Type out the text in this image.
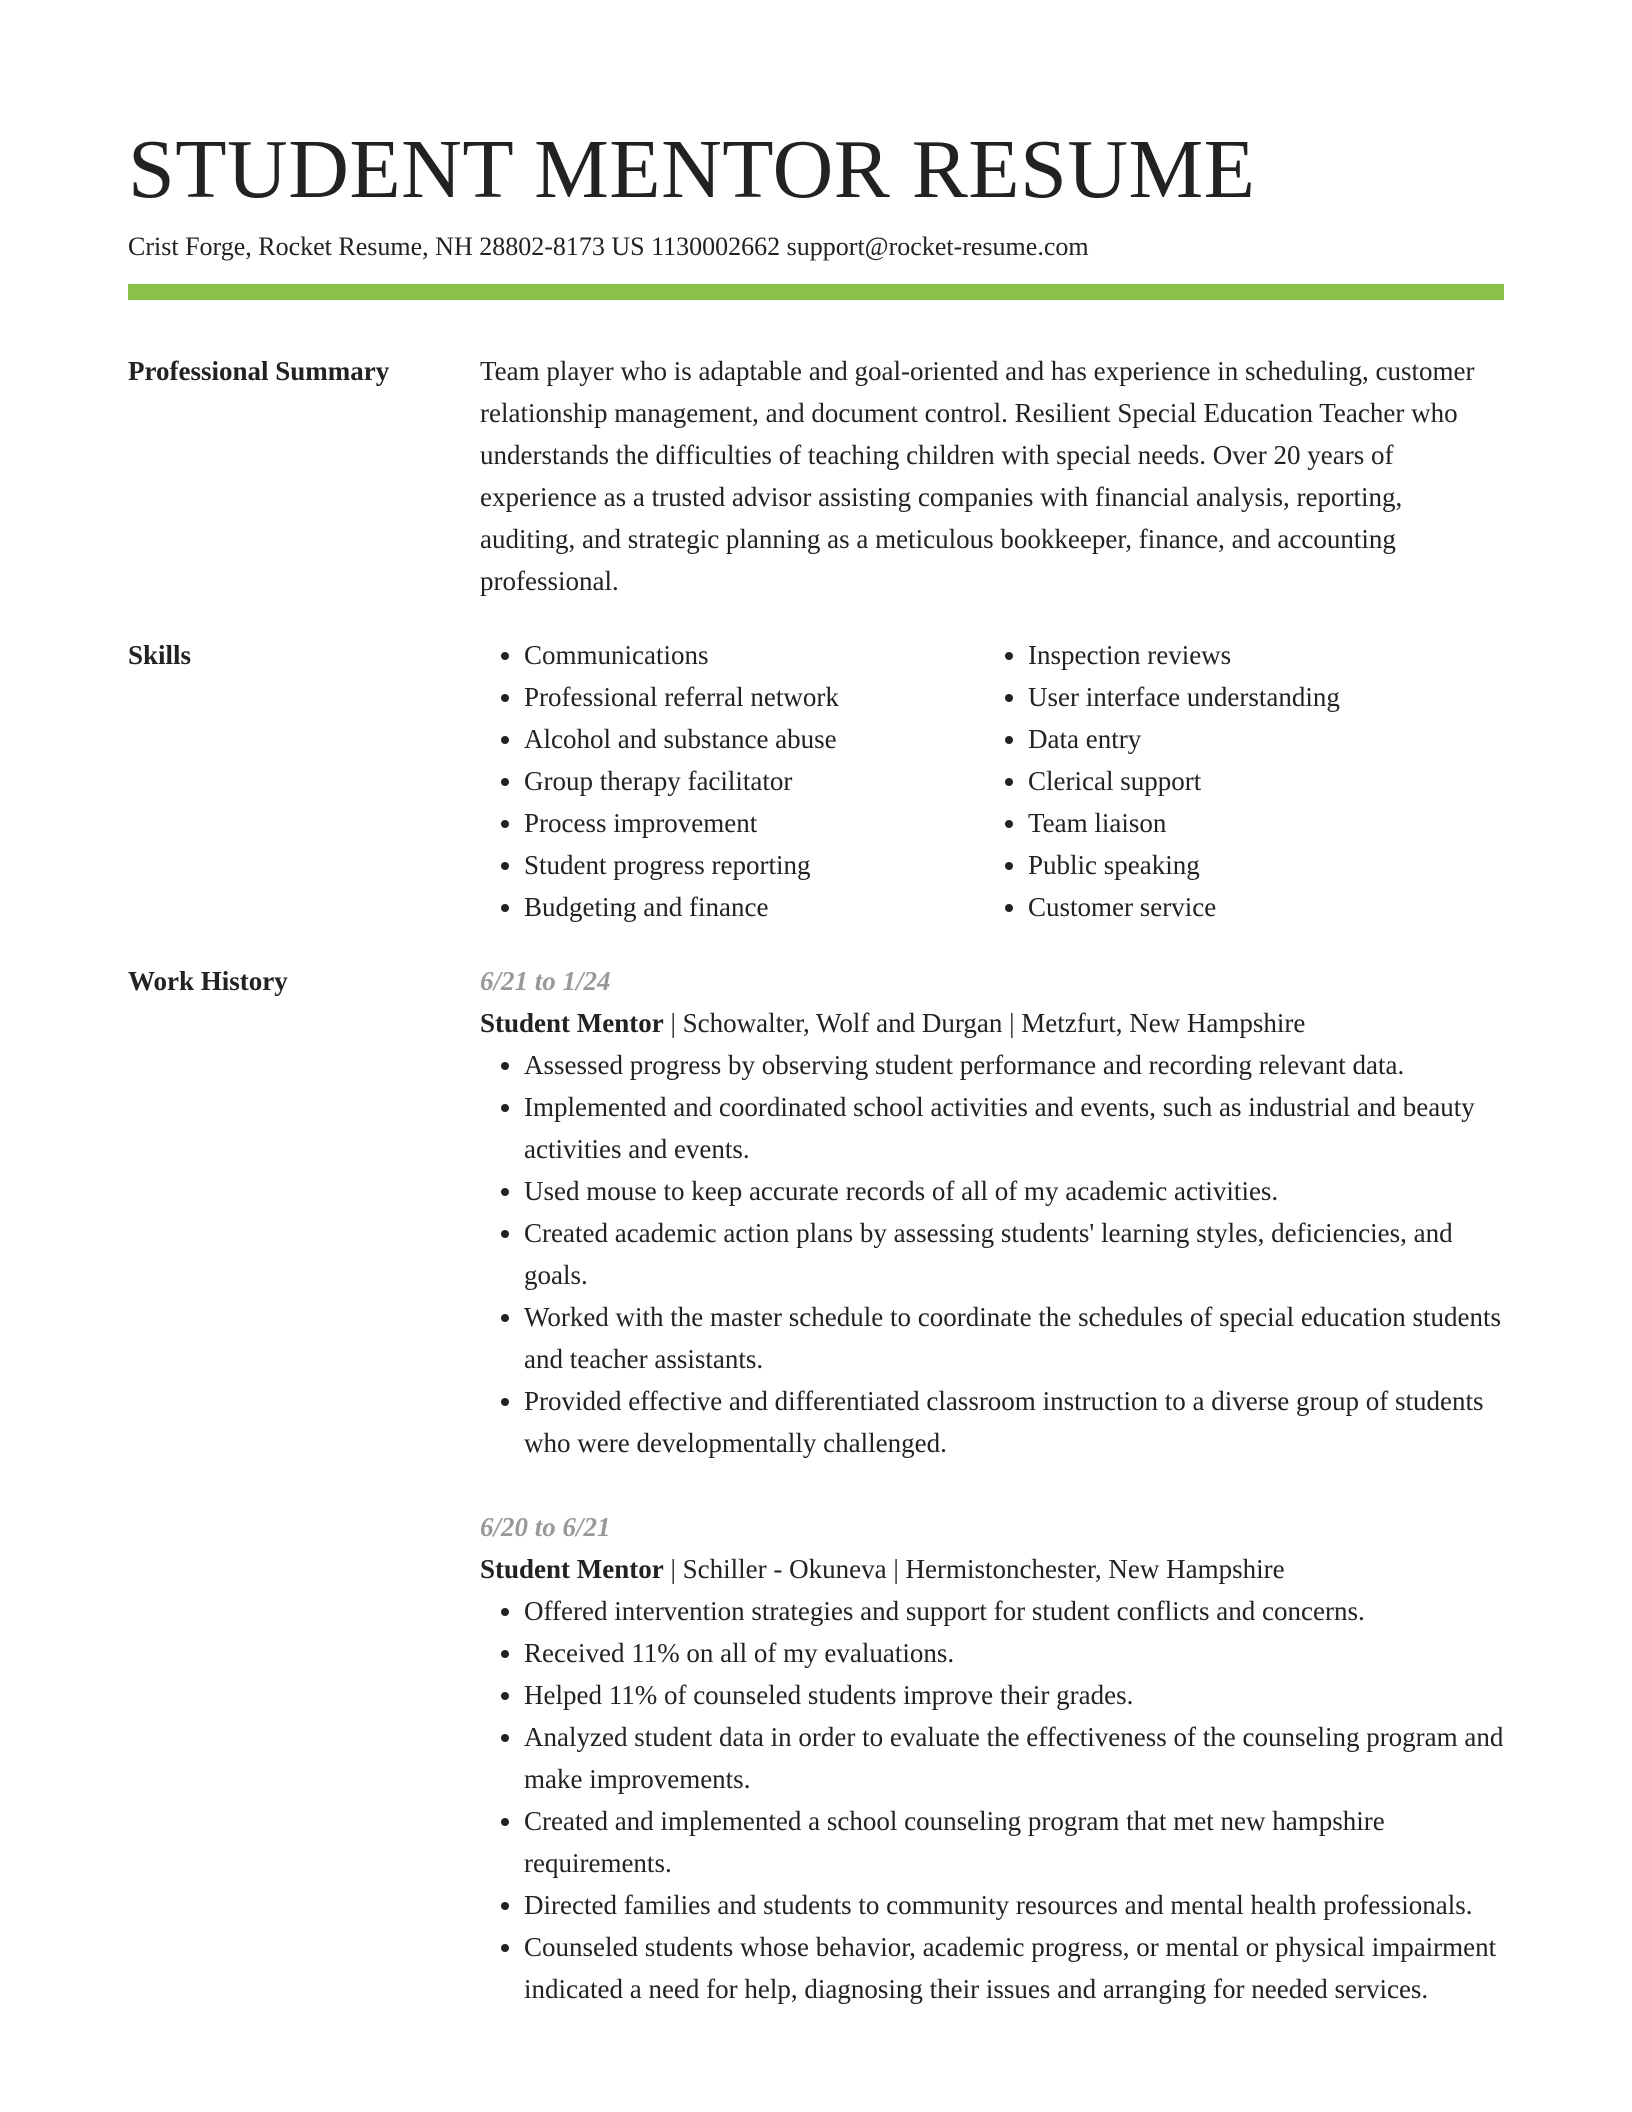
STUDENT MENTOR RESUME
Crist Forge, Rocket Resume, NH 28802-8173 US 1130002662 support@rocket-resume.com
Professional Summary	Team player who is adaptable and goal-oriented and has experience in scheduling, customer relationship management, and document control. Resilient Special Education Teacher who understands the difficulties of teaching children with special needs. Over 20 years of experience as a trusted advisor assisting companies with financial analysis, reporting, auditing, and strategic planning as a meticulous bookkeeper, finance, and accounting professional.
Skills
•	Communications
• Professional referral network
• Alcohol and substance abuse
• Group therapy facilitator
• Process improvement
• Student progress reporting
• Budgeting and finance
• Inspection reviews
• User interface understanding
• Data entry
• Clerical support
• Team liaison
• Public speaking
• Customer service
Work History	6/21 to 1/24
Student Mentor | Schowalter, Wolf and Durgan | Metzfurt, New Hampshire
• Assessed progress by observing student performance and recording relevant data.
• Implemented and coordinated school activities and events, such as industrial and beauty activities and events.
• Used mouse to keep accurate records of all of my academic activities.
• Created academic action plans by assessing students' learning styles, deficiencies, and goals.
• Worked with the master schedule to coordinate the schedules of special education students and teacher assistants.
• Provided effective and differentiated classroom instruction to a diverse group of students who were developmentally challenged.
6/20 to 6/21
Student Mentor | Schiller - Okuneva | Hermistonchester, New Hampshire
• Offered intervention strategies and support for student conflicts and concerns.
• Received 11% on all of my evaluations.
• Helped 11% of counseled students improve their grades.
• Analyzed student data in order to evaluate the effectiveness of the counseling program and make improvements.
• Created and implemented a school counseling program that met new hampshire requirements.
• Directed families and students to community resources and mental health professionals.
• Counseled students whose behavior, academic progress, or mental or physical impairment indicated a need for help, diagnosing their issues and arranging for needed services.
